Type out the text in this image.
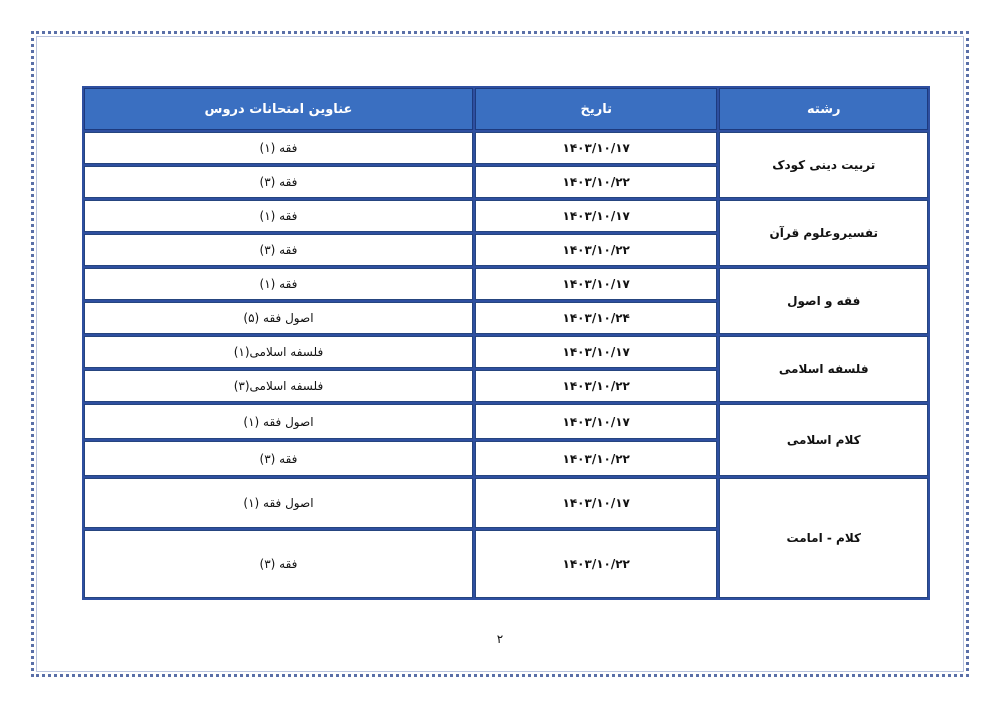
عناوین امتحانات دروس	تاریخ	رشته
فقه (۱)	۱۴۰۳/۱۰/۱۷	تربیت دینی کودک
فقه (۳)	۱۴۰۳/۱۰/۲۲	
فقه (۱)	۱۴۰۳/۱۰/۱۷	تفسیروعلوم قرآن
فقه (۳)	۱۴۰۳/۱۰/۲۲	
فقه (۱)	۱۴۰۳/۱۰/۱۷	فقه و اصول
اصول فقه (۵)	۱۴۰۳/۱۰/۲۴	
فلسفه اسلامی(۱)	۱۴۰۳/۱۰/۱۷	فلسفه اسلامی
فلسفه اسلامی(۳)	۱۴۰۳/۱۰/۲۲	
اصول فقه (۱)	۱۴۰۳/۱۰/۱۷	کلام اسلامی
فقه (۳)	۱۴۰۳/۱۰/۲۲	
اصول فقه (۱)	۱۴۰۳/۱۰/۱۷	کلام - امامت
فقه (۳)	۱۴۰۳/۱۰/۲۲	
۲
